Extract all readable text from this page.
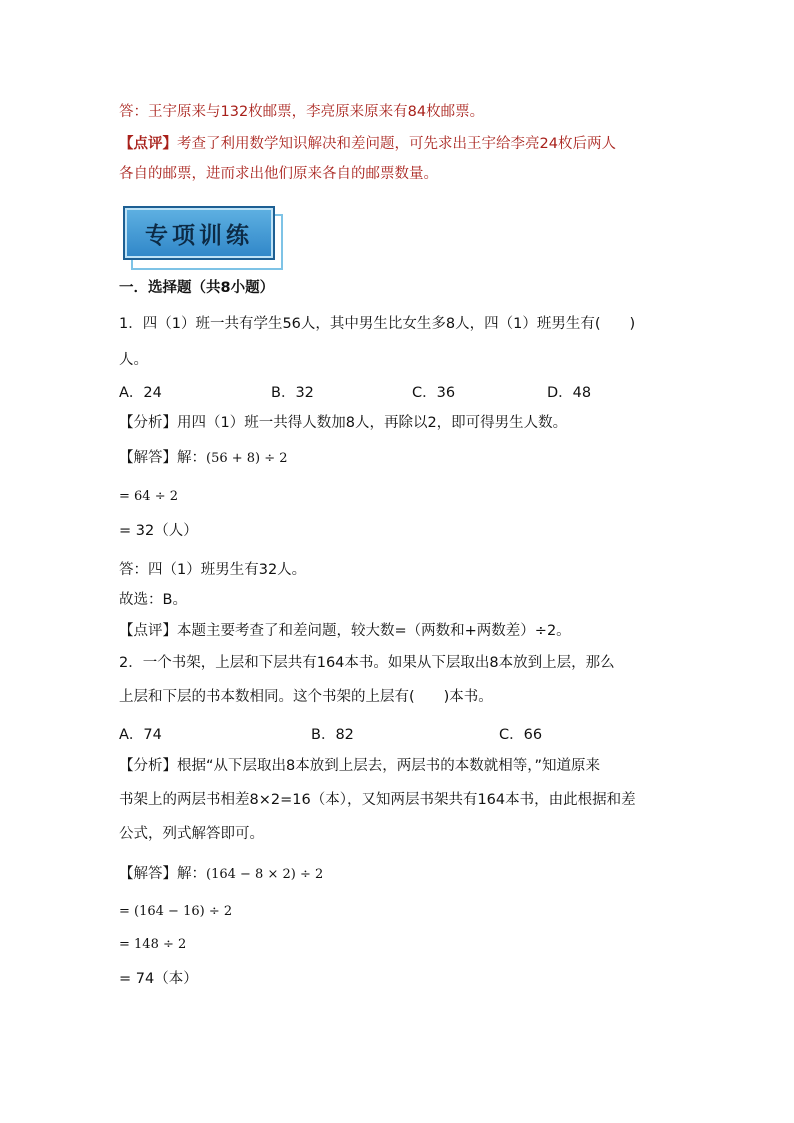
答：王宇原来与132枚邮票，李亮原来原来有84枚邮票。
【点评】考查了利用数学知识解决和差问题，可先求出王宇给李亮24枚后两人
各自的邮票，进而求出他们原来各自的邮票数量。
专项训练
一．选择题（共8小题）
1．四（1）班一共有学生56人，其中男生比女生多8人，四（1）班男生有(　　)
人。
A．24	B．32	C．36	D．48
【分析】用四（1）班一共得人数加8人，再除以2，即可得男生人数。
【解答】解：(56 + 8) ÷ 2
= 64 ÷ 2
= 32（人）
答：四（1）班男生有32人。
故选：B。
【点评】本题主要考查了和差问题，较大数=（两数和+两数差）÷2。
2．一个书架，上层和下层共有164本书。如果从下层取出8本放到上层，那么
上层和下层的书本数相同。这个书架的上层有(　　)本书。
A．74	B．82	C．66
【分析】根据“从下层取出8本放到上层去，两层书的本数就相等，”知道原来
书架上的两层书相差8×2=16（本），又知两层书架共有164本书，由此根据和差
公式，列式解答即可。
【解答】解：(164 − 8 × 2) ÷ 2
= (164 − 16) ÷ 2
= 148 ÷ 2
= 74（本）
